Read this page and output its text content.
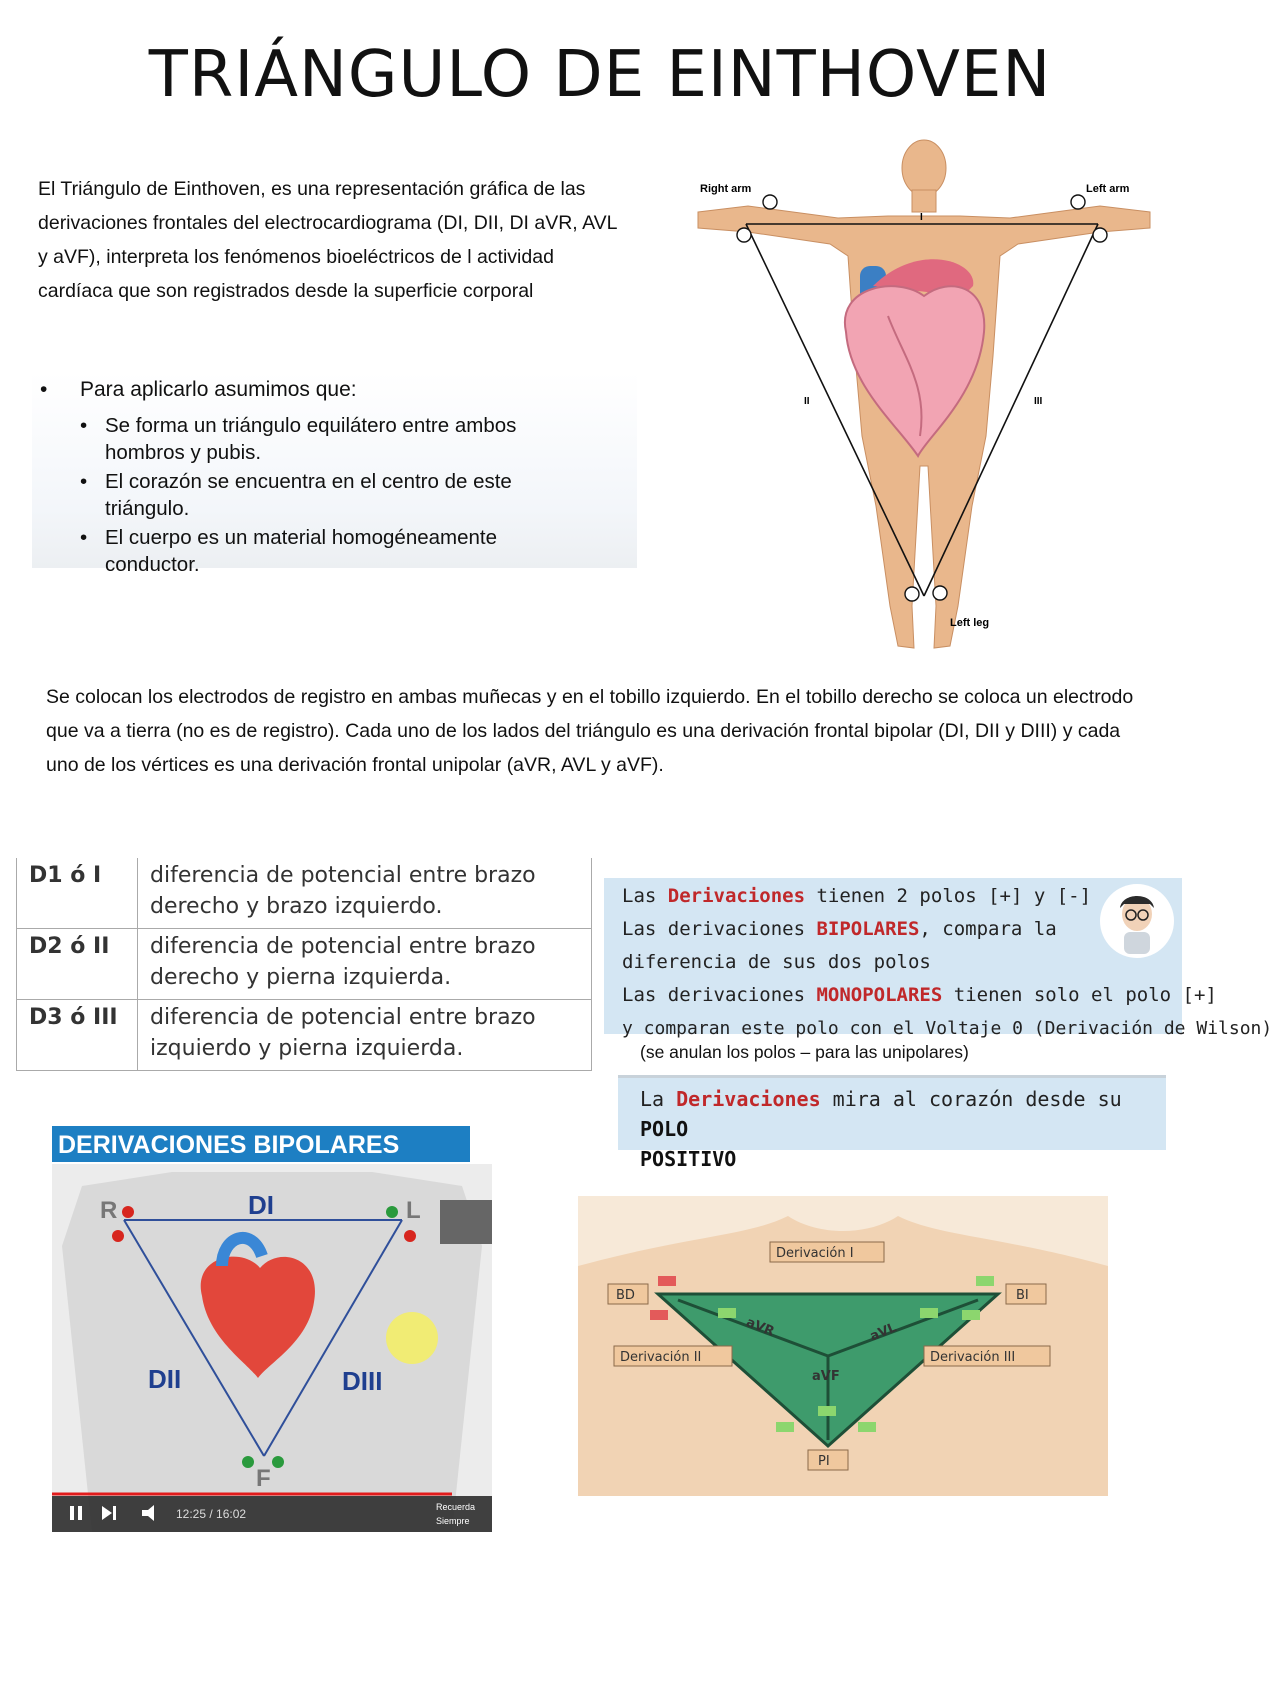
TRIÁNGULO DE EINTHOVEN

El Triángulo de Einthoven, es una representación gráfica de las derivaciones frontales del electrocardiograma (DI, DII, DI aVR, AVL y aVF), interpreta los fenómenos bioeléctricos de l actividad cardíaca que son registrados desde la superficie corporal

• Para aplicarlo asumimos que:
• Se forma un triángulo equilátero entre ambos
hombros y pubis.
• El corazón se encuentra en el centro de este
triángulo.
• El cuerpo es un material homogéneamente
conductor.
Right arm	Left arm
Left leg
I
II	III

Se colocan los electrodos de registro en ambas muñecas y en el tobillo izquierdo. En el tobillo derecho se coloca un electrodo que va a tierra (no es de registro). Cada uno de los lados del triángulo es una derivación frontal bipolar (DI, DII y DIII) y cada uno de los vértices es una derivación frontal unipolar (aVR, AVL y aVF).

D1 ó I	diferencia de potencial entre brazo
derecho y brazo izquierdo.
D2 ó II	diferencia de potencial entre brazo
derecho y pierna izquierda.
D3 ó III	diferencia de potencial entre brazo
izquierdo y pierna izquierda.

Las Derivaciones tienen 2 polos [+] y [-]

Las derivaciones BIPOLARES, compara la

diferencia de sus dos polos

Las derivaciones MONOPOLARES tienen solo el polo [+]

y comparan este polo con el Voltaje 0 (Derivación de Wilson)

(se anulan los polos – para las unipolares)

La Derivaciones mira al corazón desde su POLO
POSITIVO

DERIVACIONES BIPOLARES
DI
DII	DIII
R	L
F
12:25 / 16:02	Recuerda
Siempre
Derivación I
Derivación II	Derivación III
BD	BI
PI
aVR	aVL
aVF
